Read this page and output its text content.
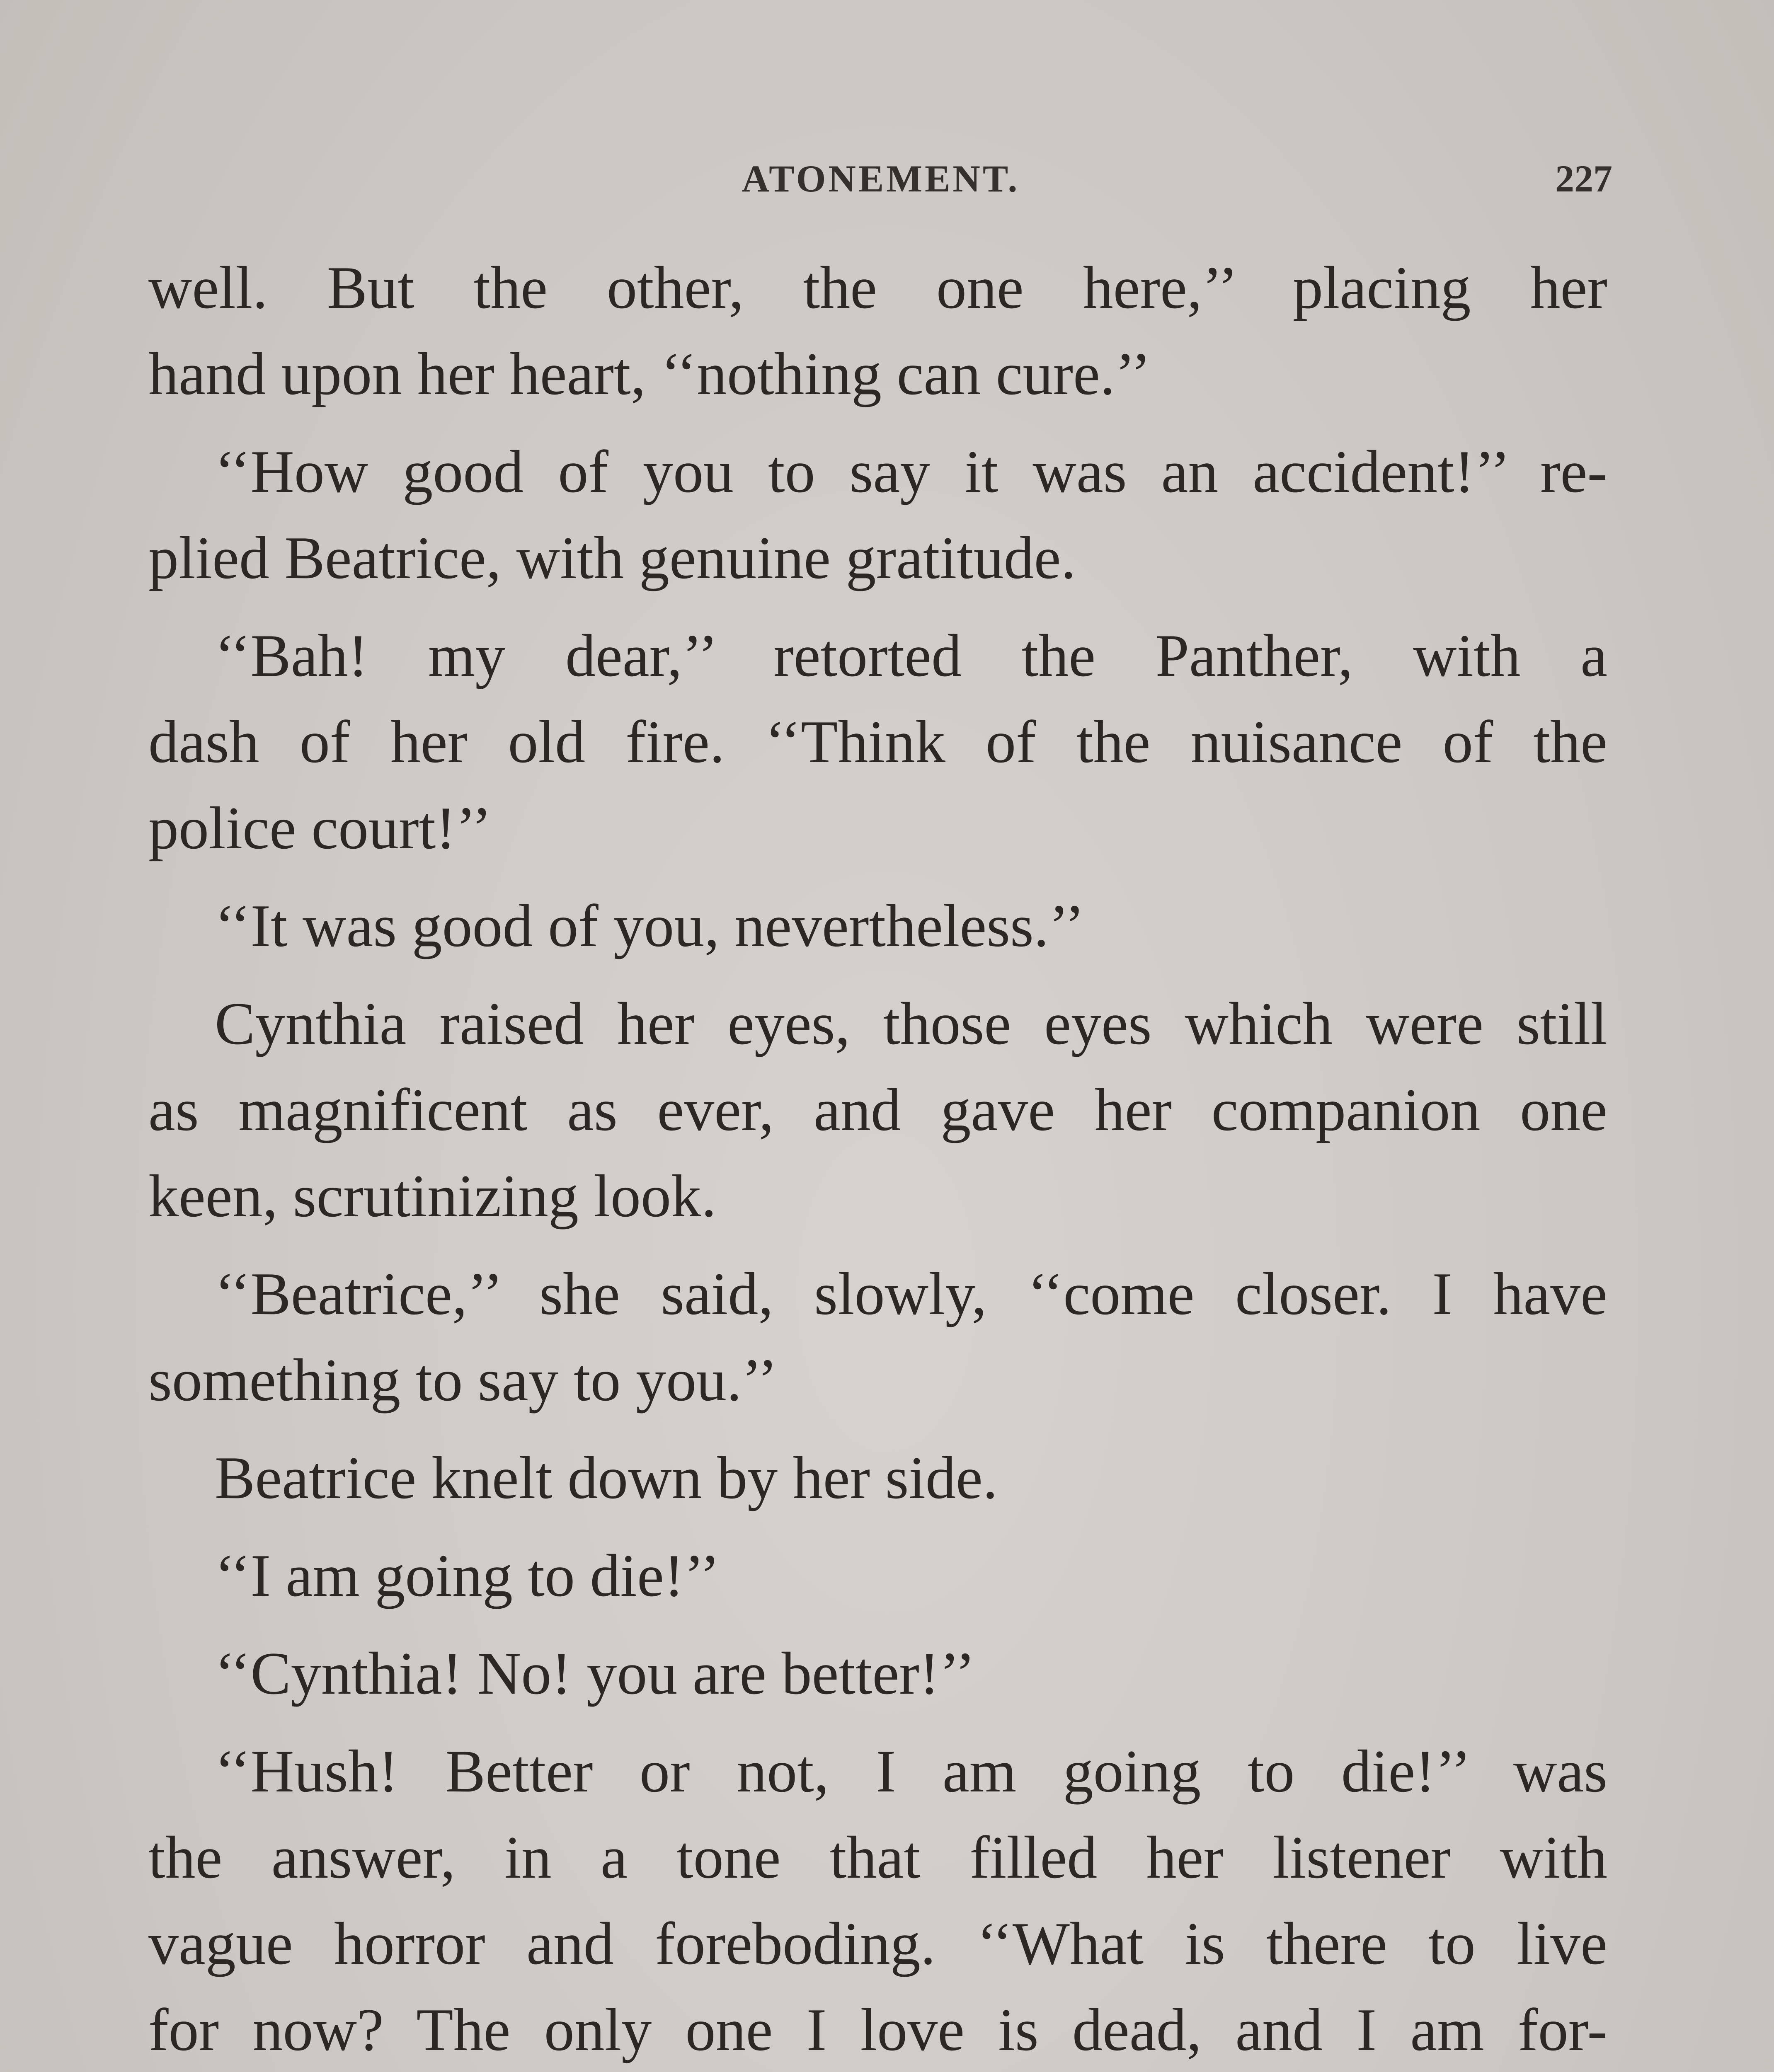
ATONEMENT.	227
well. But the other, the one here,’’ placing her
hand upon her heart, ‘‘nothing can cure.’’
‘‘How good of you to say it was an accident!’’ re-
plied Beatrice, with genuine gratitude.
‘‘Bah! my dear,’’ retorted the Panther, with a
dash of her old fire. ‘‘Think of the nuisance of the
police court!’’
‘‘It was good of you, nevertheless.’’
Cynthia raised her eyes, those eyes which were still
as magnificent as ever, and gave her companion one
keen, scrutinizing look.
‘‘Beatrice,’’ she said, slowly, ‘‘come closer. I have
something to say to you.’’
Beatrice knelt down by her side.
‘‘I am going to die!’’
‘‘Cynthia! No! you are better!’’
‘‘Hush! Better or not, I am going to die!’’ was
the answer, in a tone that filled her listener with
vague horror and foreboding. ‘‘What is there to live
for now? The only one I love is dead, and I am for-
